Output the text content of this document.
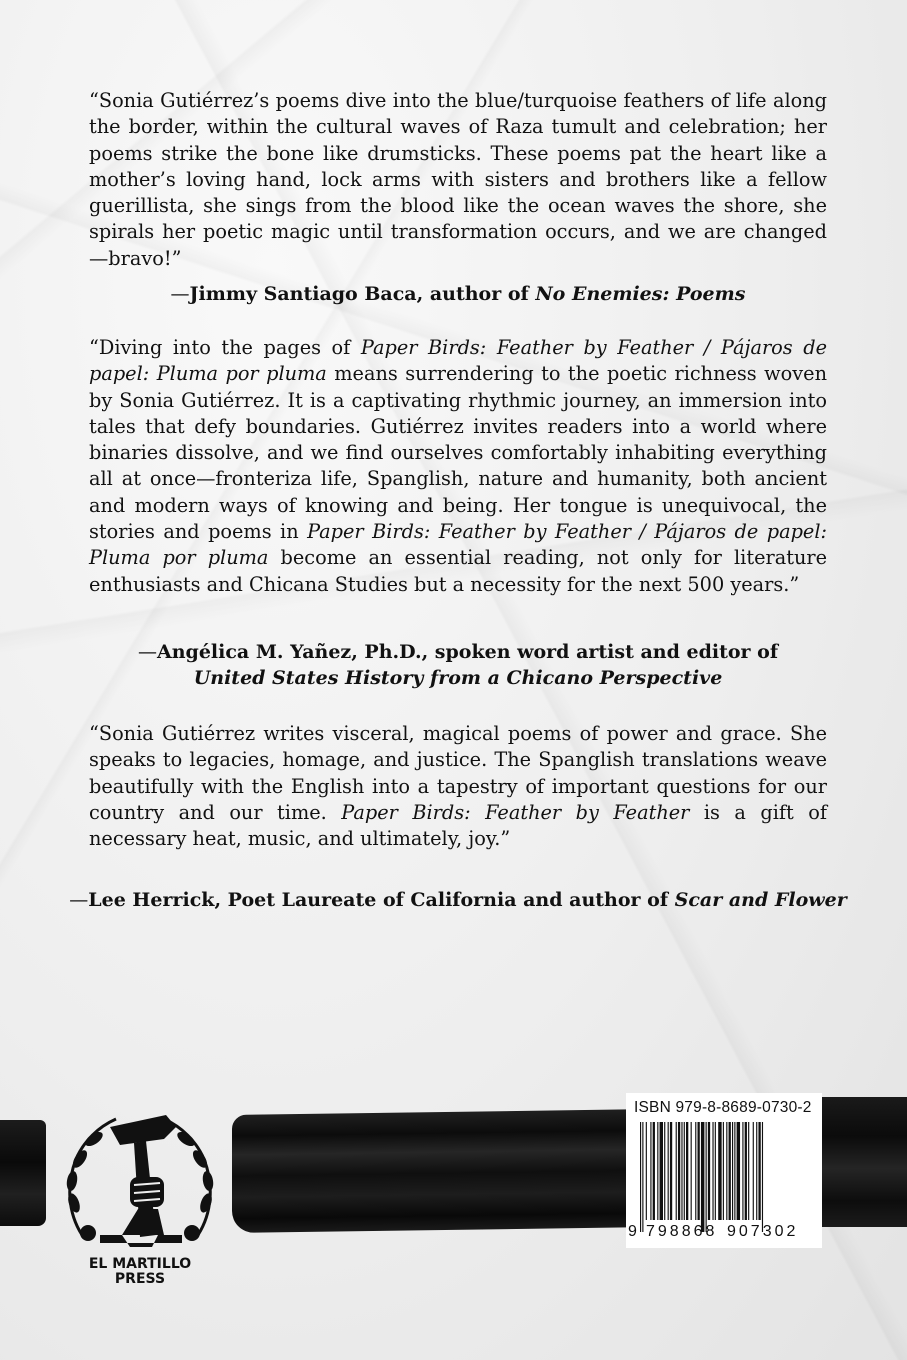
“Sonia Gutiérrez’s poems dive into the blue/turquoise feathers of life along the border, within the cultural waves of Raza tumult and celebration; her poems strike the bone like drumsticks. These poems pat the heart like a mother’s loving hand, lock arms with sisters and brothers like a fellow guerillista, she sings from the blood like the ocean waves the shore, she spirals her poetic magic until transformation occurs, and we are changed—bravo!”

—Jimmy Santiago Baca, author of No Enemies: Poems

“Diving into the pages of Paper Birds: Feather by Feather / Pájaros de papel: Pluma por pluma means surrendering to the poetic richness woven by Sonia Gutiérrez. It is a captivating rhythmic journey, an immersion into tales that defy boundaries. Gutiérrez invites readers into a world where binaries dissolve, and we find ourselves comfortably inhabiting everything all at once—fronteriza life, Spanglish, nature and humanity, both ancient and modern ways of knowing and being. Her tongue is unequivocal, the stories and poems in Paper Birds: Feather by Feather / Pájaros de papel: Pluma por pluma become an essential reading, not only for literature enthusiasts and Chicana Studies but a necessity for the next 500 years.”

—Angélica M. Yañez, Ph.D., spoken word artist and editor of
United States History from a Chicano Perspective

“Sonia Gutiérrez writes visceral, magical poems of power and grace. She speaks to legacies, homage, and justice. The Spanglish translations weave beautifully with the English into a tapestry of important questions for our country and our time. Paper Birds: Feather by Feather is a gift of necessary heat, music, and ultimately, joy.”

—Lee Herrick, Poet Laureate of California and author of Scar and Flower

EL MARTILLO
PRESS
ISBN 979-8-8689-0730-2
9 798868 907302
